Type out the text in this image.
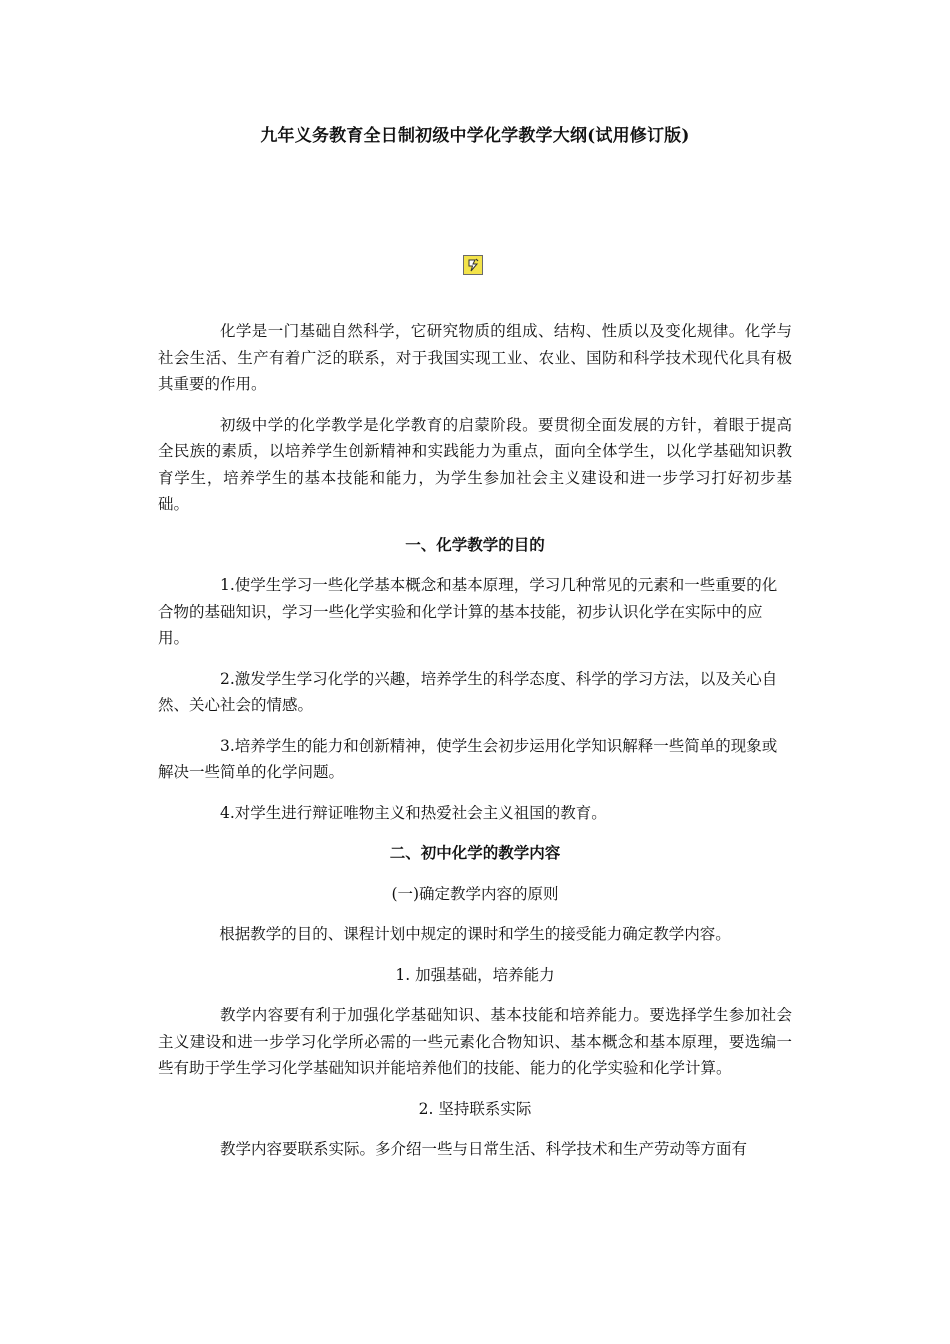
九年义务教育全日制初级中学化学教学大纲(试用修订版)

化学是一门基础自然科学，它研究物质的组成、结构、性质以及变化规律。化学与社会生活、生产有着广泛的联系，对于我国实现工业、农业、国防和科学技术现代化具有极其重要的作用。

初级中学的化学教学是化学教育的启蒙阶段。要贯彻全面发展的方针，着眼于提高全民族的素质，以培养学生创新精神和实践能力为重点，面向全体学生，以化学基础知识教育学生，培养学生的基本技能和能力，为学生参加社会主义建设和进一步学习打好初步基础。

一、化学教学的目的

1.使学生学习一些化学基本概念和基本原理，学习几种常见的元素和一些重要的化合物的基础知识，学习一些化学实验和化学计算的基本技能，初步认识化学在实际中的应用。

2.激发学生学习化学的兴趣，培养学生的科学态度、科学的学习方法，以及关心自然、关心社会的情感。

3.培养学生的能力和创新精神，使学生会初步运用化学知识解释一些简单的现象或解决一些简单的化学问题。

4.对学生进行辩证唯物主义和热爱社会主义祖国的教育。

二、初中化学的教学内容

(一)确定教学内容的原则

根据教学的目的、课程计划中规定的课时和学生的接受能力确定教学内容。

1. 加强基础，培养能力

教学内容要有利于加强化学基础知识、基本技能和培养能力。要选择学生参加社会主义建设和进一步学习化学所必需的一些元素化合物知识、基本概念和基本原理，要选编一些有助于学生学习化学基础知识并能培养他们的技能、能力的化学实验和化学计算。

2. 坚持联系实际

教学内容要联系实际。多介绍一些与日常生活、科学技术和生产劳动等方面有
